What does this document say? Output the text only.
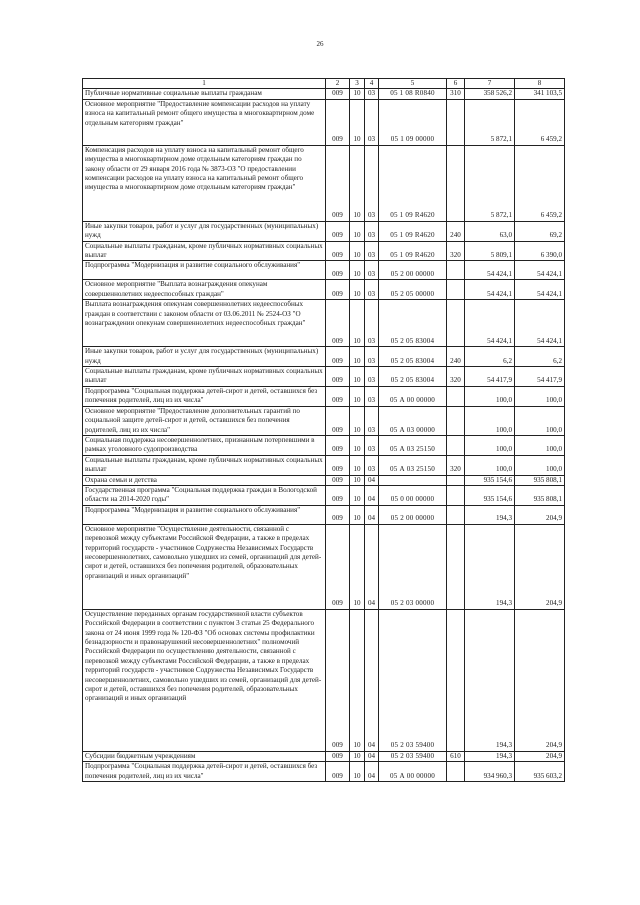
26
1	2	3	4	5	6	7	8
Публичные нормативные социальные выплаты гражданам	009	10	03	05 1 08 R0840	310	358 526,2	341 103,5
Основное мероприятие "Предоставление компенсации расходов на уплату взноса на капитальный ремонт общего имущества в многоквартирном доме отдельным категориям граждан"	009	10	03	05 1 09 00000		5 872,1	6 459,2
Компенсация расходов на уплату взноса на капитальный ремонт общего имущества в многоквартирном доме отдельным категориям граждан по закону области от 29 января 2016 года № 3873-ОЗ "О предоставлении компенсации расходов на уплату взноса на капитальный ремонт общего имущества в многоквартирном доме отдельным категориям граждан"	009	10	03	05 1 09 R4620		5 872,1	6 459,2
Иные закупки товаров, работ и услуг для государственных (муниципальных) нужд	009	10	03	05 1 09 R4620	240	63,0	69,2
Социальные выплаты гражданам, кроме публичных нормативных социальных выплат	009	10	03	05 1 09 R4620	320	5 809,1	6 390,0
Подпрограмма "Модернизация и развитие социального обслуживания"	009	10	03	05 2 00 00000		54 424,1	54 424,1
Основное мероприятие "Выплата вознаграждения опекунам совершеннолетних недееспособных граждан"	009	10	03	05 2 05 00000		54 424,1	54 424,1
Выплата вознаграждения опекунам совершеннолетних недееспособных граждан в соответствии с законом области от 03.06.2011 № 2524-ОЗ "О вознаграждении опекунам совершеннолетних недееспособных граждан"	009	10	03	05 2 05 83004		54 424,1	54 424,1
Иные закупки товаров, работ и услуг для государственных (муниципальных) нужд	009	10	03	05 2 05 83004	240	6,2	6,2
Социальные выплаты гражданам, кроме публичных нормативных социальных выплат	009	10	03	05 2 05 83004	320	54 417,9	54 417,9
Подпрограмма "Социальная поддержка детей-сирот и детей, оставшихся без попечения родителей, лиц из их числа"	009	10	03	05 А 00 00000		100,0	100,0
Основное мероприятие "Предоставление дополнительных гарантий по социальной защите детей-сирот и детей, оставшихся без попечения родителей, лиц из их числа"	009	10	03	05 А 03 00000		100,0	100,0
Социальная поддержка несовершеннолетних, признанным потерпевшими в рамках уголовного судопроизводства	009	10	03	05 А 03 25150		100,0	100,0
Социальные выплаты гражданам, кроме публичных нормативных социальных выплат	009	10	03	05 А 03 25150	320	100,0	100,0
Охрана семьи и детства	009	10	04			935 154,6	935 808,1
Государственная программа "Социальная поддержка граждан в Вологодской области на 2014-2020 годы"	009	10	04	05 0 00 00000		935 154,6	935 808,1
Подпрограмма "Модернизация и развитие социального обслуживания"	009	10	04	05 2 00 00000		194,3	204,9
Основное мероприятие "Осуществление деятельности, связанной с перевозкой между субъектами Российской Федерации, а также в пределах территорий государств - участников Содружества Независимых Государств несовершеннолетних, самовольно ушедших из семей, организаций для детей-сирот и детей, оставшихся без попечения родителей, образовательных организаций и иных организаций"	009	10	04	05 2 03 00000		194,3	204,9
Осуществление переданных органам государственной власти субъектов Российской Федерации в соответствии с пунктом 3 статьи 25 Федерального закона от 24 июня 1999 года № 120-ФЗ "Об основах системы профилактики безнадзорности и правонарушений несовершеннолетних" полномочий Российской Федерации по осуществлению деятельности, связанной с перевозкой между субъектами Российской Федерации, а также в пределах территорий государств - участников Содружества Независимых Государств несовершеннолетних, самовольно ушедших из семей, организаций для детей-сирот и детей, оставшихся без попечения родителей, образовательных организаций и иных организаций	009	10	04	05 2 03 59400		194,3	204,9
Субсидии бюджетным учреждениям	009	10	04	05 2 03 59400	610	194,3	204,9
Подпрограмма "Социальная поддержка детей-сирот и детей, оставшихся без попечения родителей, лиц из их числа"	009	10	04	05 А 00 00000		934 960,3	935 603,2
